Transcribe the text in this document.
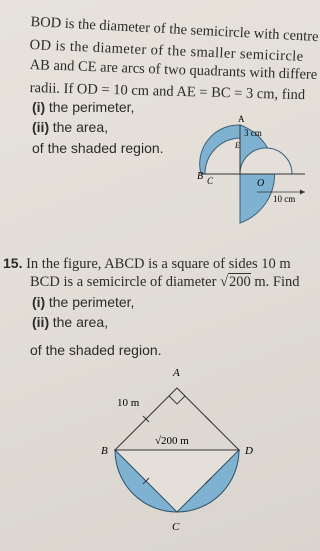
BOD is the diameter of the semicircle with centre
OD is the diameter of the smaller semicircle
AB and CE are arcs of two quadrants with differe
radii. If OD = 10 cm and AE = BC = 3 cm, find
(i) the perimeter,
(ii) the area,
of the shaded region.
A
3 cm
E
B C	O
10 cm
15. In the figure, ABCD is a square of sides 10 m
BCD is a semicircle of diameter √200 m. Find
(i) the perimeter,
(ii) the area,
of the shaded region.
A
10 m
√200 m
B	D
C
